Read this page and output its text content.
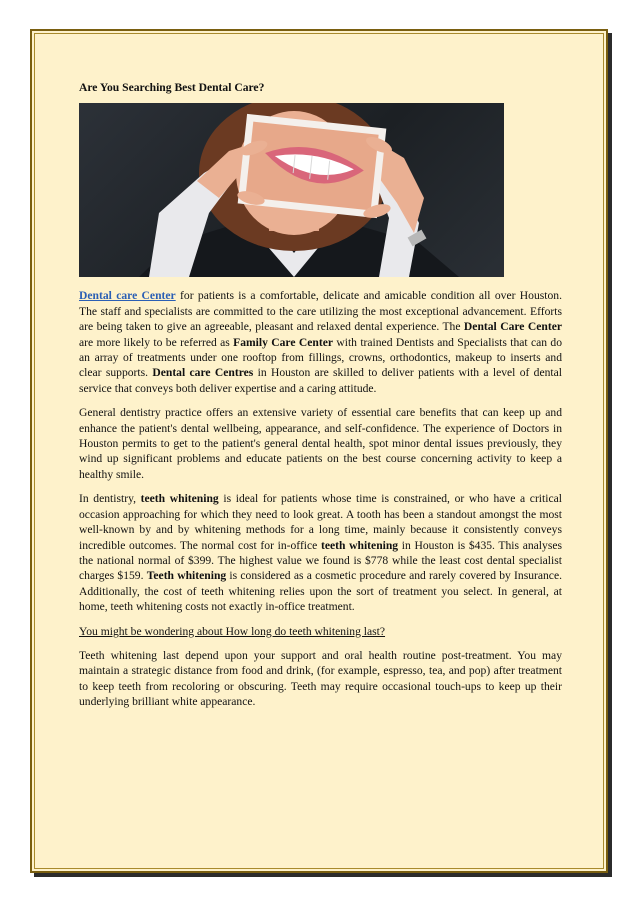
Are You Searching Best Dental Care?

Dental care Center for patients is a comfortable, delicate and amicable condition all over Houston. The staff and specialists are committed to the care utilizing the most exceptional advancement. Efforts are being taken to give an agreeable, pleasant and relaxed dental experience. The Dental Care Center are more likely to be referred as Family Care Center with trained Dentists and Specialists that can do an array of treatments under one rooftop from fillings, crowns, orthodontics, makeup to inserts and clear supports. Dental care Centres in Houston are skilled to deliver patients with a level of dental service that conveys both deliver expertise and a caring attitude.

General dentistry practice offers an extensive variety of essential care benefits that can keep up and enhance the patient's dental wellbeing, appearance, and self-confidence. The experience of Doctors in Houston permits to get to the patient's general dental health, spot minor dental issues previously, they wind up significant problems and educate patients on the best course concerning activity to keep a healthy smile.

In dentistry, teeth whitening is ideal for patients whose time is constrained, or who have a critical occasion approaching for which they need to look great. A tooth has been a standout amongst the most well-known by and by whitening methods for a long time, mainly because it consistently conveys incredible outcomes. The normal cost for in-office teeth whitening in Houston is $435. This analyses the national normal of $399. The highest value we found is $778 while the least cost dental specialist charges $159. Teeth whitening is considered as a cosmetic procedure and rarely covered by Insurance. Additionally, the cost of teeth whitening relies upon the sort of treatment you select. In general, at home, teeth whitening costs not exactly in-office treatment.

You might be wondering about How long do teeth whitening last?

Teeth whitening last depend upon your support and oral health routine post-treatment. You may maintain a strategic distance from food and drink, (for example, espresso, tea, and pop) after treatment to keep teeth from recoloring or obscuring. Teeth may require occasional touch-ups to keep up their underlying brilliant white appearance.
